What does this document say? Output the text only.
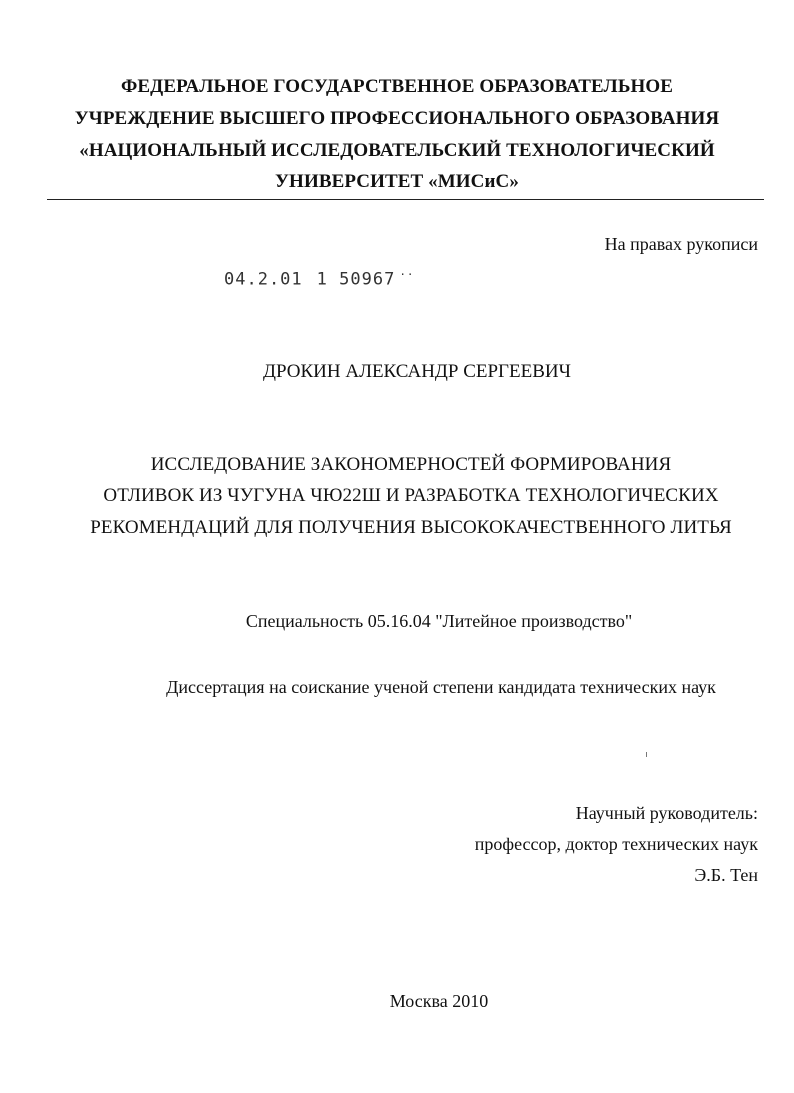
ФЕДЕРАЛЬНОЕ ГОСУДАРСТВЕННОЕ ОБРАЗОВАТЕЛЬНОЕ
УЧРЕЖДЕНИЕ ВЫСШЕГО ПРОФЕССИОНАЛЬНОГО ОБРАЗОВАНИЯ
«НАЦИОНАЛЬНЫЙ ИССЛЕДОВАТЕЛЬСКИЙ ТЕХНОЛОГИЧЕСКИЙ
УНИВЕРСИТЕТ «МИСиС»
На правах рукописи
04.2.01 1 50967 ··
ДРОКИН АЛЕКСАНДР СЕРГЕЕВИЧ
ИССЛЕДОВАНИЕ ЗАКОНОМЕРНОСТЕЙ ФОРМИРОВАНИЯ
ОТЛИВОК ИЗ ЧУГУНА ЧЮ22Ш И РАЗРАБОТКА ТЕХНОЛОГИЧЕСКИХ
РЕКОМЕНДАЦИЙ ДЛЯ ПОЛУЧЕНИЯ ВЫСОКОКАЧЕСТВЕННОГО ЛИТЬЯ
Специальность 05.16.04 "Литейное производство"
Диссертация на соискание ученой степени кандидата технических наук
Научный руководитель:
профессор, доктор технических наук
Э.Б. Тен
Москва 2010
